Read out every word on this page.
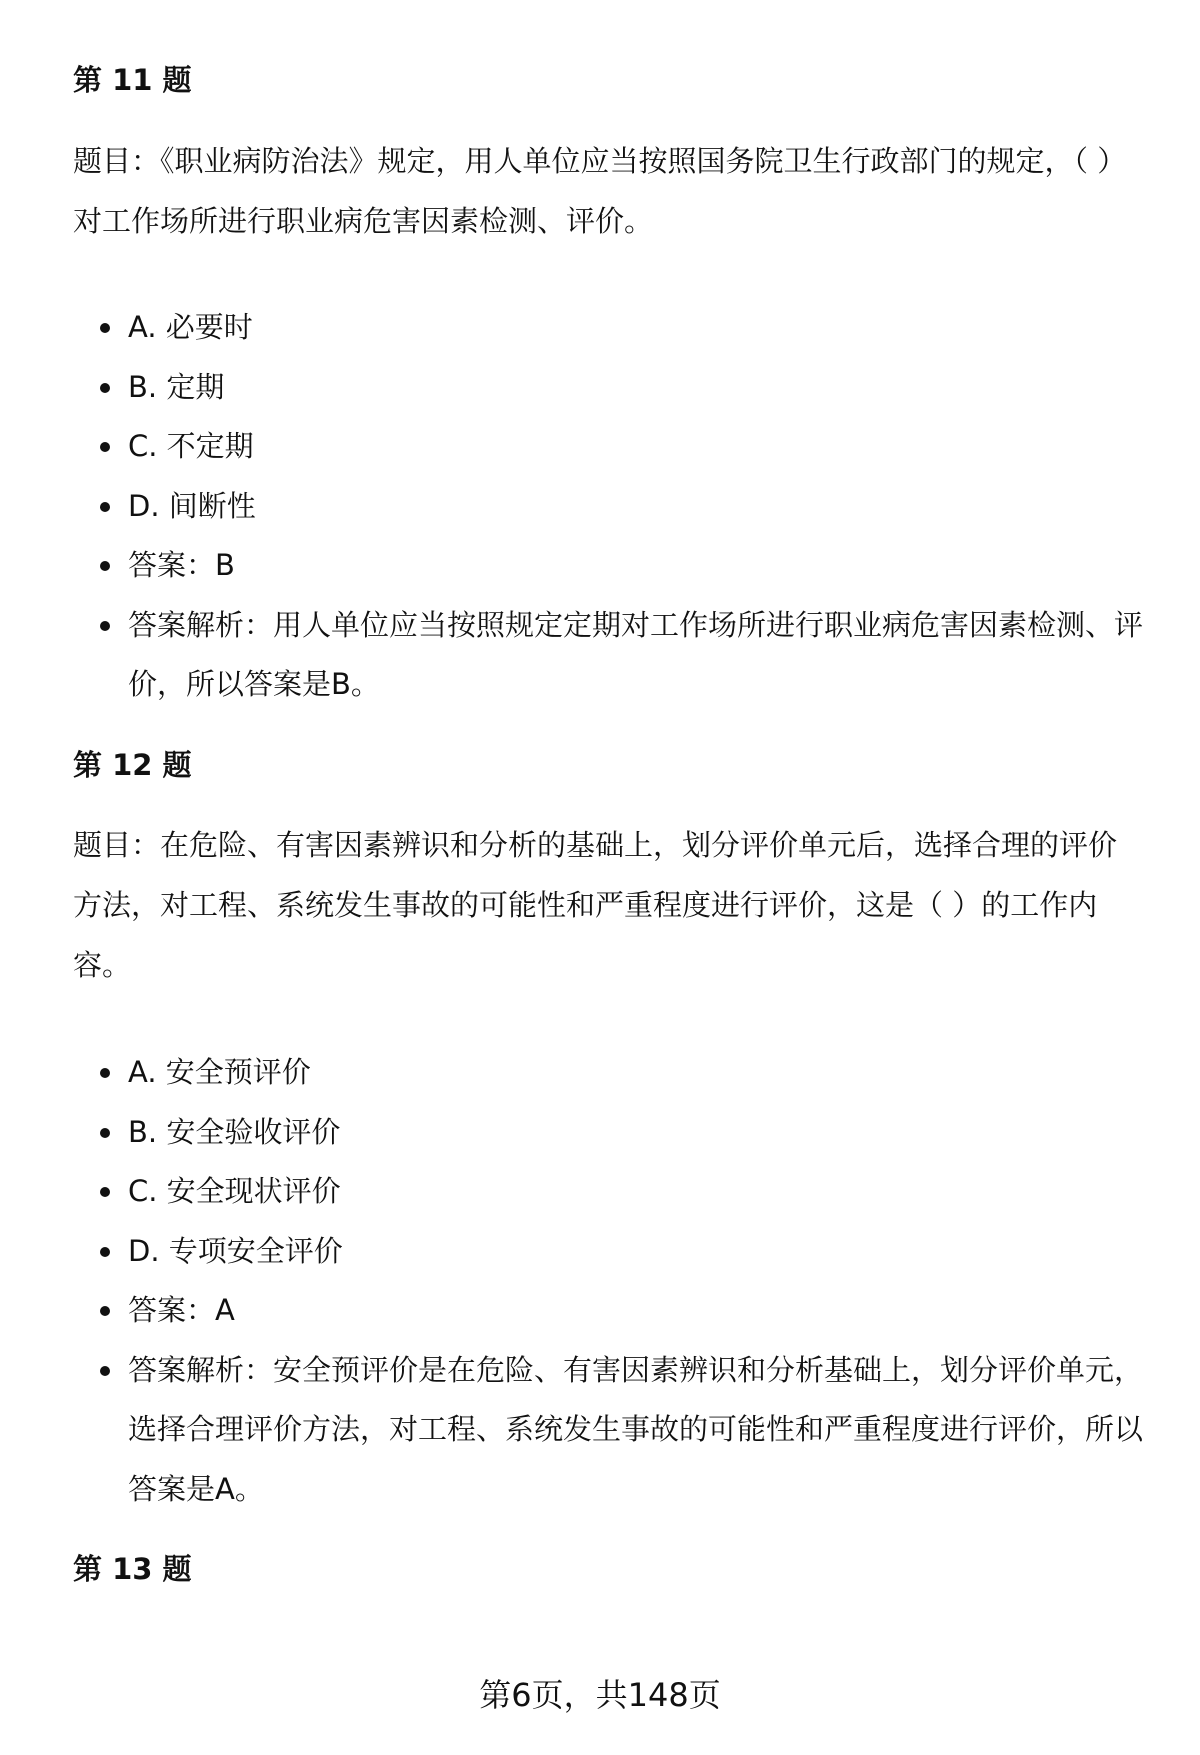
第 11 题

题目：《职业病防治法》规定，用人单位应当按照国务院卫生行政部门的规定，（ ）对工作场所进行职业病危害因素检测、评价。

A. 必要时
B. 定期
C. 不定期
D. 间断性
答案：B
答案解析：用人单位应当按照规定定期对工作场所进行职业病危害因素检测、评价，所以答案是B。
第 12 题

题目：在危险、有害因素辨识和分析的基础上，划分评价单元后，选择合理的评价方法，对工程、系统发生事故的可能性和严重程度进行评价，这是（ ）的工作内容。

A. 安全预评价
B. 安全验收评价
C. 安全现状评价
D. 专项安全评价
答案：A
答案解析：安全预评价是在危险、有害因素辨识和分析基础上，划分评价单元，选择合理评价方法，对工程、系统发生事故的可能性和严重程度进行评价，所以答案是A。
第 13 题
第6页，共148页
